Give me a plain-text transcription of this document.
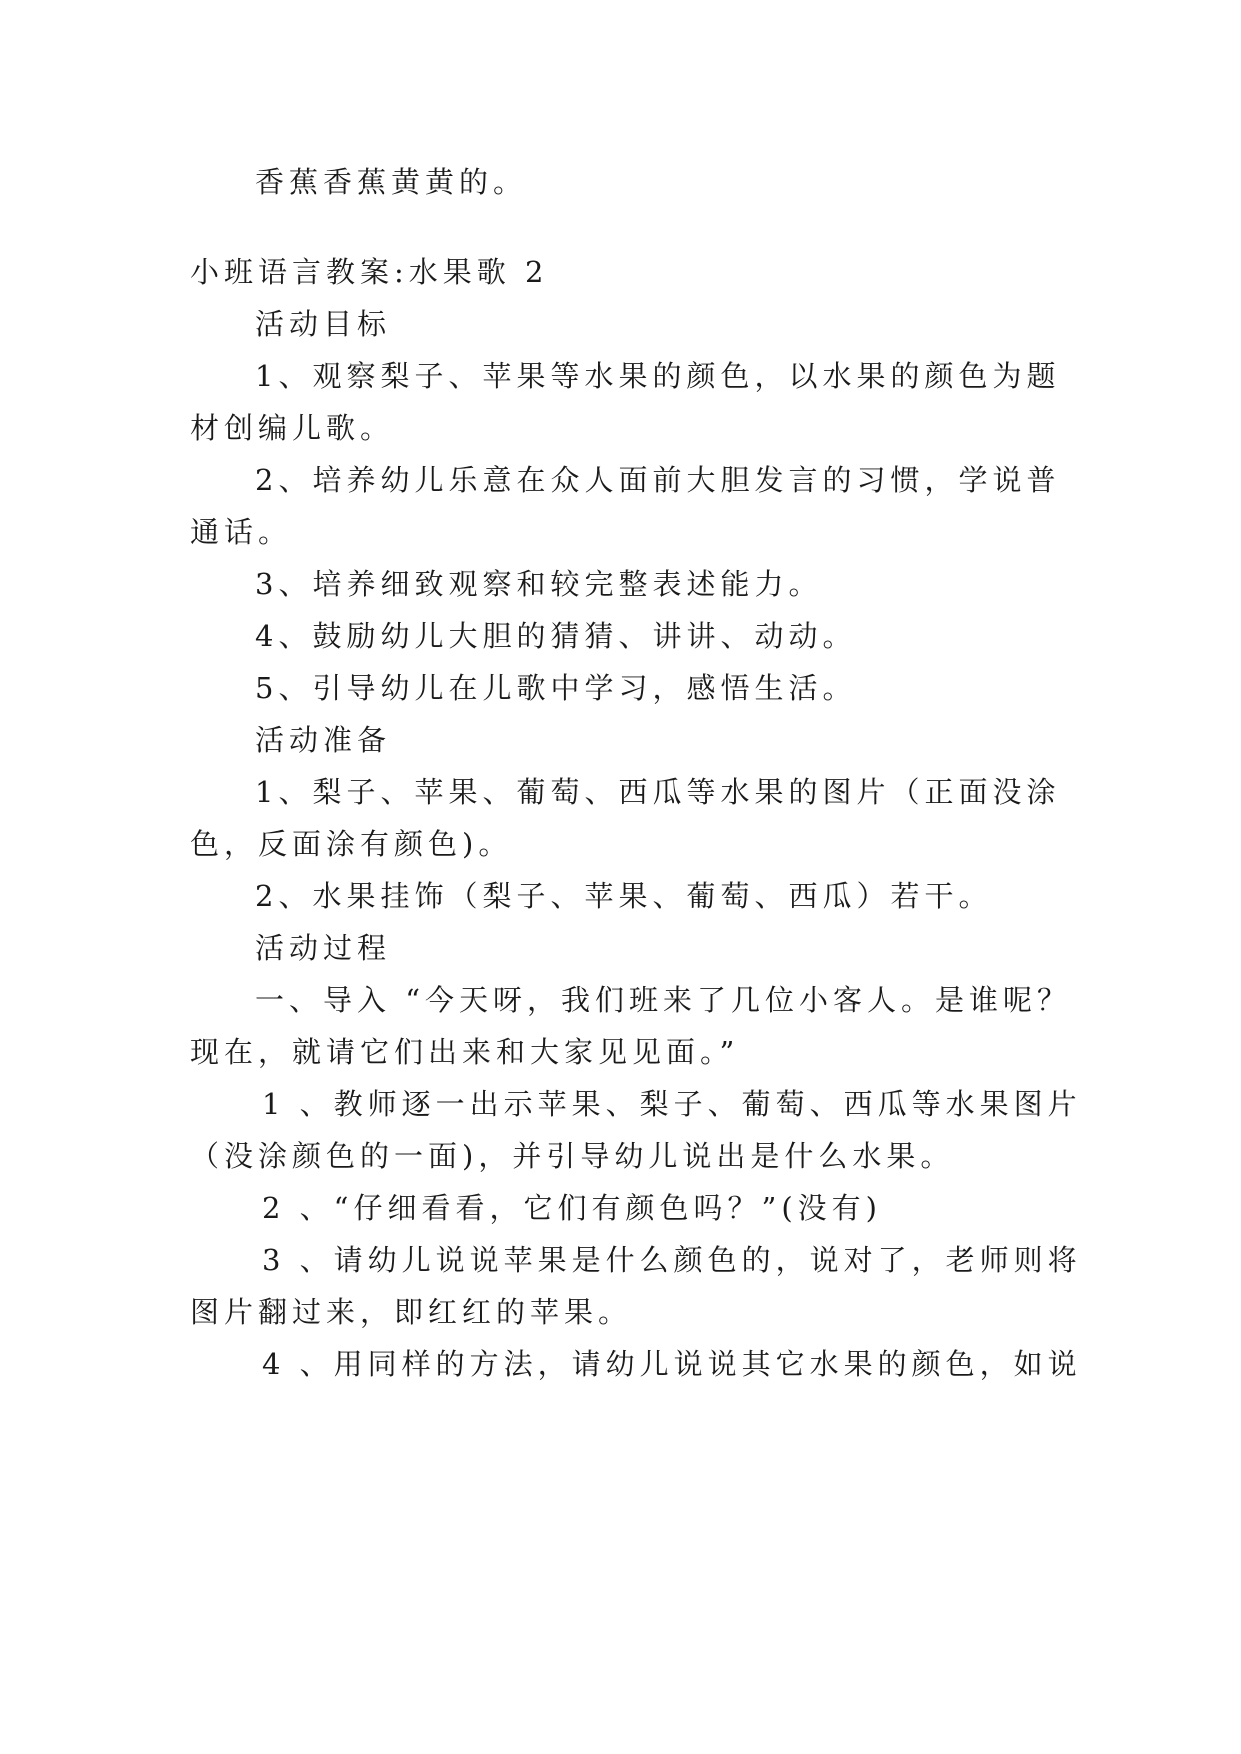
香蕉香蕉黄黄的。
小班语言教案:水果歌 2
活动目标
1、观察梨子、苹果等水果的颜色，以水果的颜色为题
材创编儿歌。
2、培养幼儿乐意在众人面前大胆发言的习惯，学说普
通话。
3、培养细致观察和较完整表述能力。
4、鼓励幼儿大胆的猜猜、讲讲、动动。
5、引导幼儿在儿歌中学习，感悟生活。
活动准备
1、梨子、苹果、葡萄、西瓜等水果的图片（正面没涂
色，反面涂有颜色)。
2、水果挂饰（梨子、苹果、葡萄、西瓜）若干。
活动过程
一、导入 “今天呀，我们班来了几位小客人。是谁呢？
现在，就请它们出来和大家见见面。”
1 、教师逐一出示苹果、梨子、葡萄、西瓜等水果图片
（没涂颜色的一面)，并引导幼儿说出是什么水果。
2 、“仔细看看，它们有颜色吗？”(没有)
3 、请幼儿说说苹果是什么颜色的，说对了，老师则将
图片翻过来，即红红的苹果。
4 、用同样的方法，请幼儿说说其它水果的颜色，如说
